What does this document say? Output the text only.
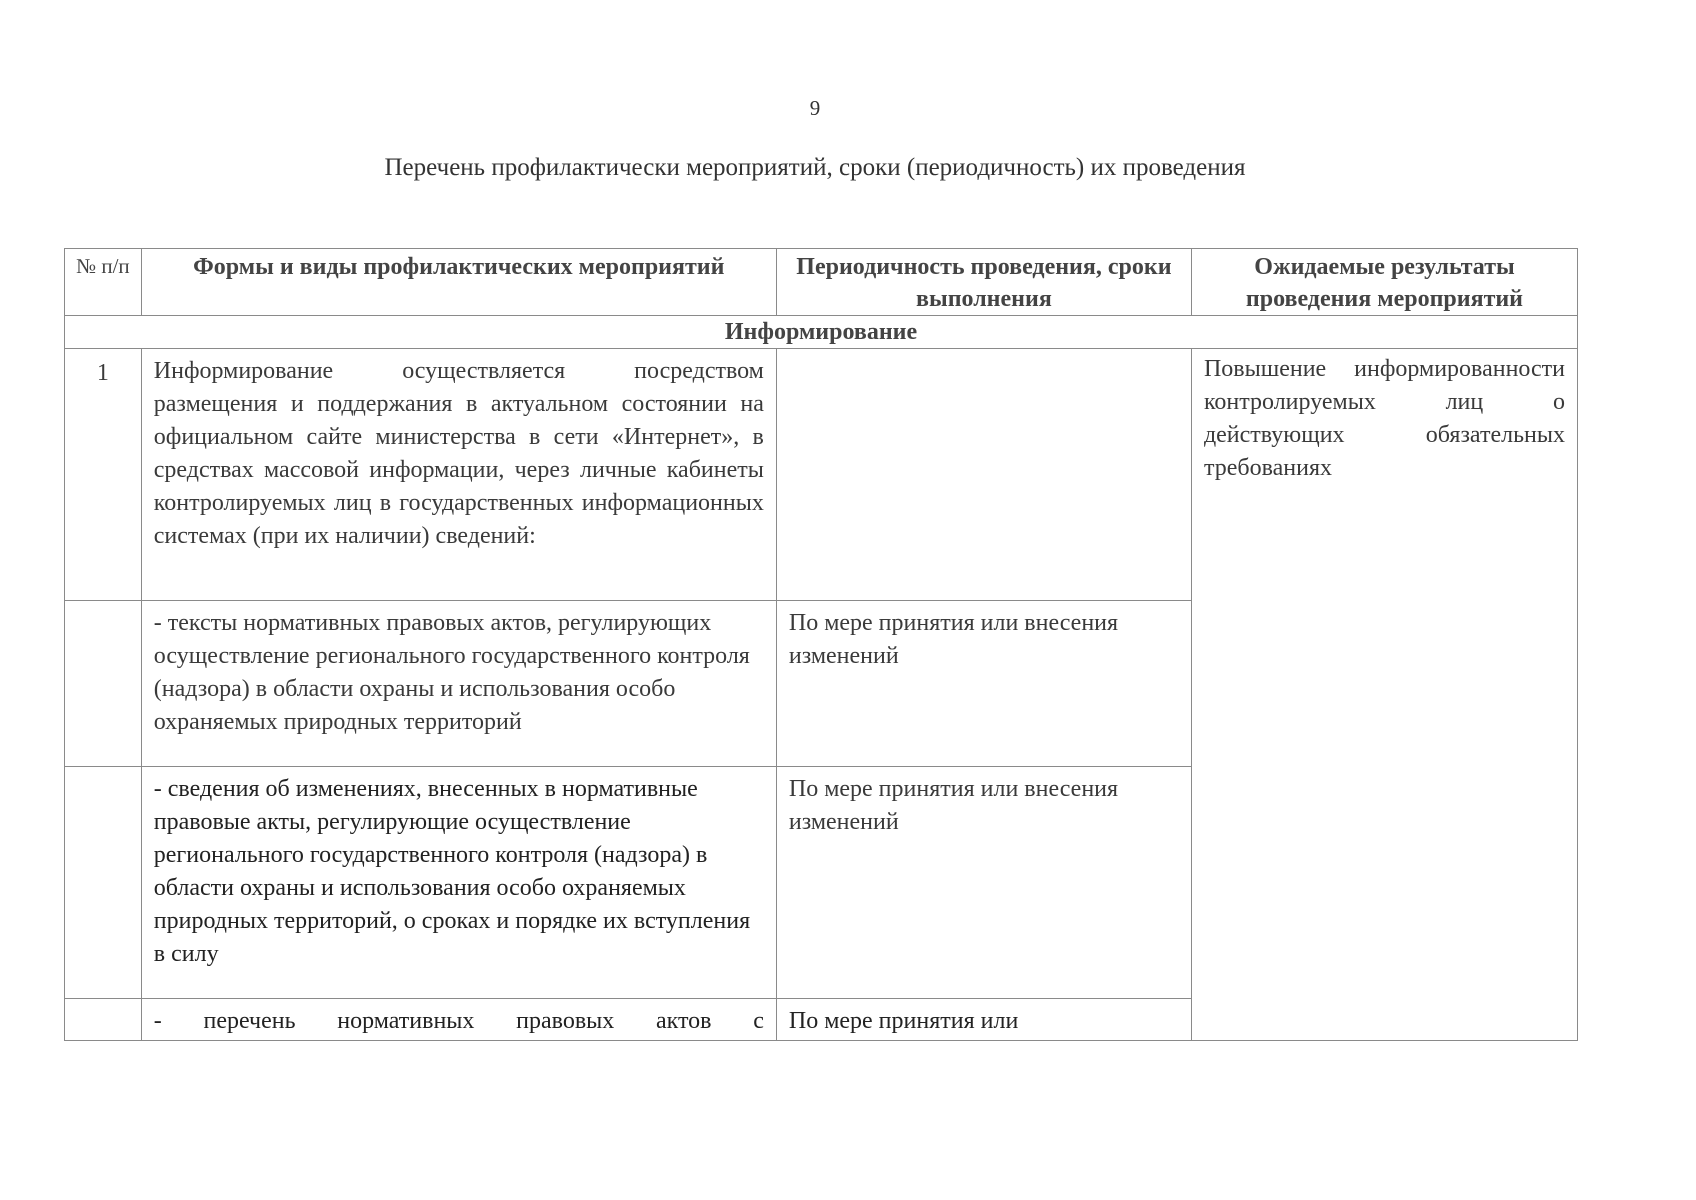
9
Перечень профилактически мероприятий, сроки (периодичность) их проведения
№ п/п	Формы и виды профилактических мероприятий	Периодичность проведения, сроки выполнения	Ожидаемые результаты проведения мероприятий
Информирование			
1	Информирование осуществляется посредством размещения и поддержания в актуальном состоянии на официальном сайте министерства в сети «Интернет», в средствах массовой информации, через личные кабинеты контролируемых лиц в государственных информационных системах (при их наличии) сведений:		Повышение информированности контролируемых лиц о действующих обязательных требованиях
	- тексты нормативных правовых актов, регулирующих осуществление регионального государственного контроля (надзора) в области охраны и использования особо охраняемых природных территорий	По мере принятия или внесения изменений	
	- сведения об изменениях, внесенных в нормативные правовые акты, регулирующие осуществление регионального государственного контроля (надзора) в области охраны и использования особо охраняемых природных территорий, о сроках и порядке их вступления в силу	По мере принятия или внесения изменений	
	- перечень нормативных правовых актов с	По мере принятия или	
